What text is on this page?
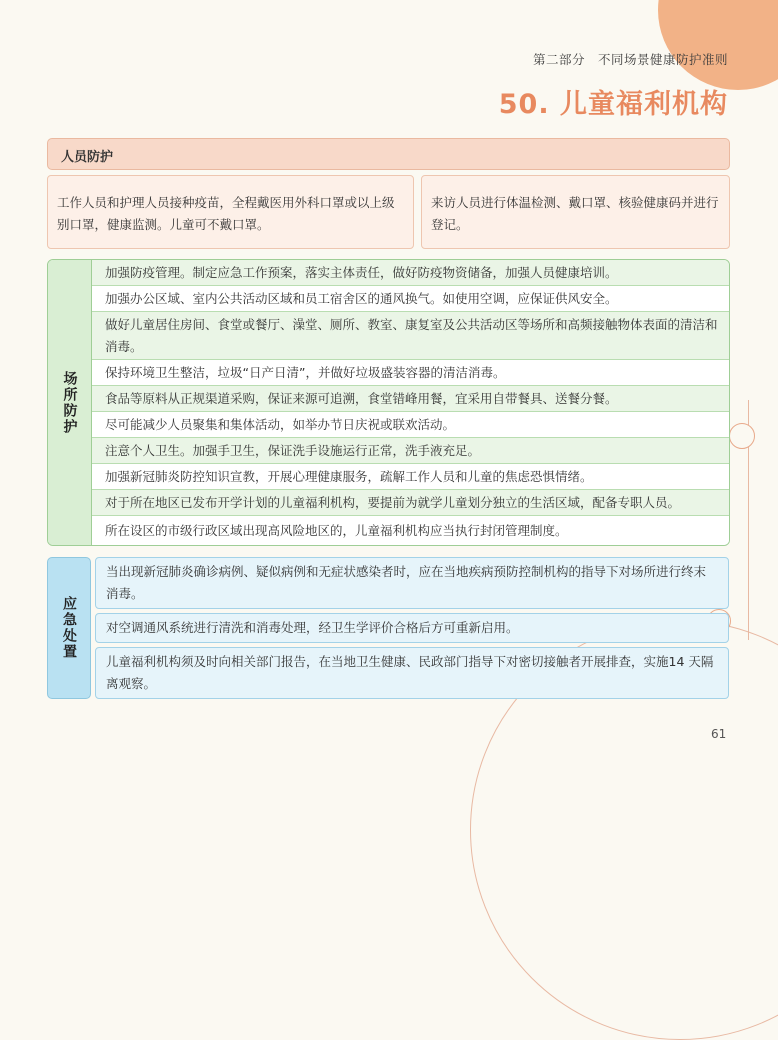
第二部分　不同场景健康防护准则
50. 儿童福利机构
人员防护
工作人员和护理人员接种疫苗，全程戴医用外科口罩或以上级别口罩，健康监测。儿童可不戴口罩。
来访人员进行体温检测、戴口罩、核验健康码并进行登记。
场所防护
加强防疫管理。制定应急工作预案，落实主体责任，做好防疫物资储备，加强人员健康培训。
加强办公区域、室内公共活动区域和员工宿舍区的通风换气。如使用空调，应保证供风安全。
做好儿童居住房间、食堂或餐厅、澡堂、厕所、教室、康复室及公共活动区等场所和高频接触物体表面的清洁和消毒。
保持环境卫生整洁，垃圾“日产日清”，并做好垃圾盛装容器的清洁消毒。
食品等原料从正规渠道采购，保证来源可追溯，食堂错峰用餐，宜采用自带餐具、送餐分餐。
尽可能减少人员聚集和集体活动，如举办节日庆祝或联欢活动。
注意个人卫生。加强手卫生，保证洗手设施运行正常，洗手液充足。
加强新冠肺炎防控知识宣教，开展心理健康服务，疏解工作人员和儿童的焦虑恐惧情绪。
对于所在地区已发布开学计划的儿童福利机构，要提前为就学儿童划分独立的生活区域，配备专职人员。
所在设区的市级行政区域出现高风险地区的，儿童福利机构应当执行封闭管理制度。
应急处置
当出现新冠肺炎确诊病例、疑似病例和无症状感染者时，应在当地疾病预防控制机构的指导下对场所进行终末消毒。
对空调通风系统进行清洗和消毒处理，经卫生学评价合格后方可重新启用。
儿童福利机构须及时向相关部门报告，在当地卫生健康、民政部门指导下对密切接触者开展排查，实施14 天隔离观察。
61
